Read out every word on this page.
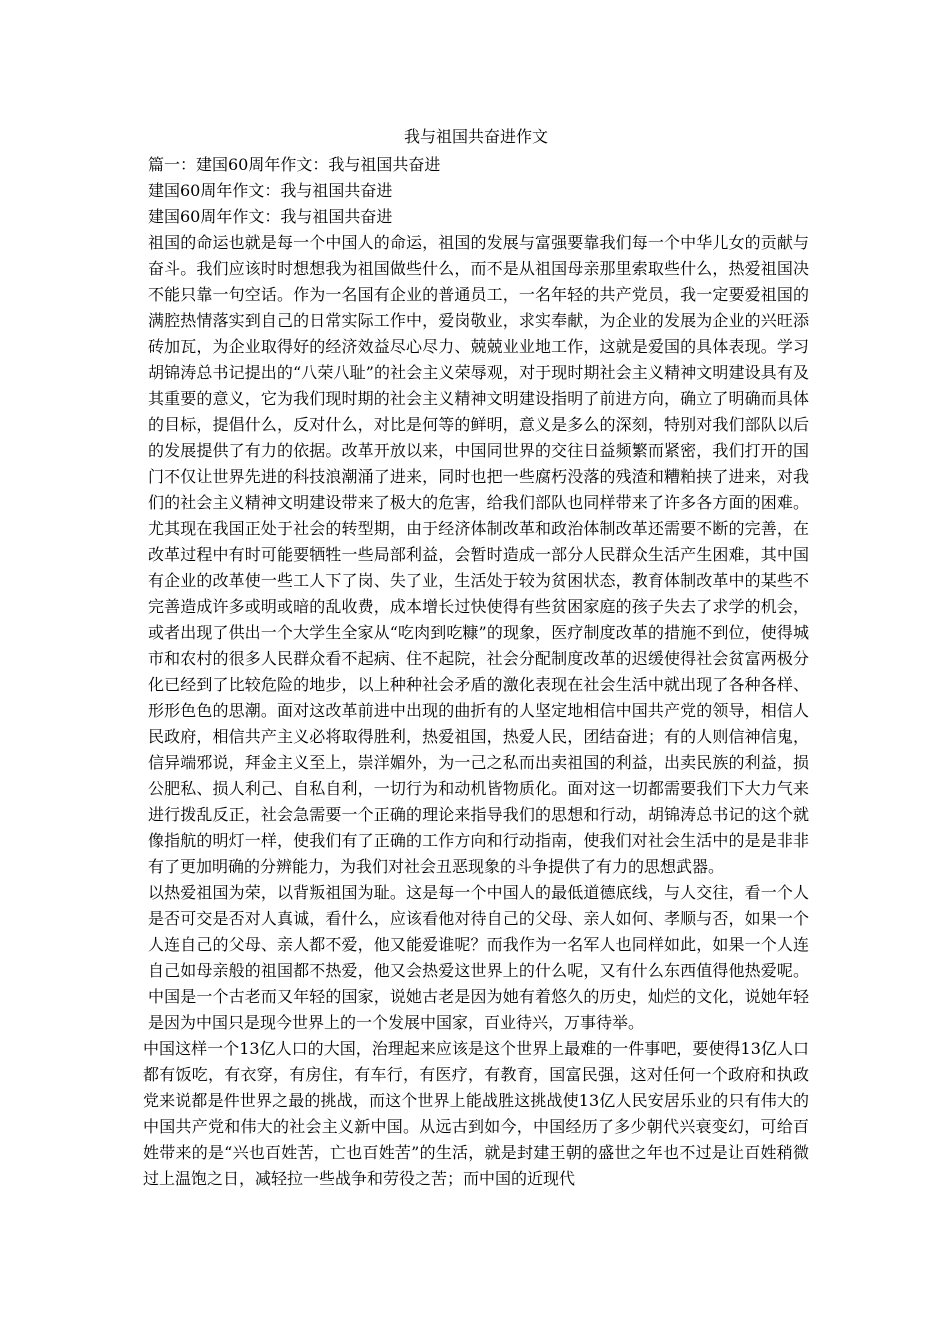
我与祖国共奋进作文

篇一：建国60周年作文：我与祖国共奋进

建国60周年作文：我与祖国共奋进

建国60周年作文：我与祖国共奋进

祖国的命运也就是每一个中国人的命运，祖国的发展与富强要靠我们每一个中华儿女的贡献与奋斗。我们应该时时想想我为祖国做些什么，而不是从祖国母亲那里索取些什么，热爱祖国决不能只靠一句空话。作为一名国有企业的普通员工，一名年轻的共产党员，我一定要爱祖国的满腔热情落实到自己的日常实际工作中，爱岗敬业，求实奉献，为企业的发展为企业的兴旺添砖加瓦，为企业取得好的经济效益尽心尽力、兢兢业业地工作，这就是爱国的具体表现。学习胡锦涛总书记提出的“八荣八耻”的社会主义荣辱观，对于现时期社会主义精神文明建设具有及其重要的意义，它为我们现时期的社会主义精神文明建设指明了前进方向，确立了明确而具体的目标，提倡什么，反对什么，对比是何等的鲜明，意义是多么的深刻，特别对我们部队以后的发展提供了有力的依据。改革开放以来，中国同世界的交往日益频繁而紧密，我们打开的国门不仅让世界先进的科技浪潮涌了进来，同时也把一些腐朽没落的残渣和糟粕挟了进来，对我们的社会主义精神文明建设带来了极大的危害，给我们部队也同样带来了许多各方面的困难。尤其现在我国正处于社会的转型期，由于经济体制改革和政治体制改革还需要不断的完善，在改革过程中有时可能要牺牲一些局部利益，会暂时造成一部分人民群众生活产生困难，其中国有企业的改革使一些工人下了岗、失了业，生活处于较为贫困状态，教育体制改革中的某些不完善造成许多或明或暗的乱收费，成本增长过快使得有些贫困家庭的孩子失去了求学的机会，或者出现了供出一个大学生全家从“吃肉到吃糠”的现象，医疗制度改革的措施不到位，使得城市和农村的很多人民群众看不起病、住不起院，社会分配制度改革的迟缓使得社会贫富两极分化已经到了比较危险的地步，以上种种社会矛盾的激化表现在社会生活中就出现了各种各样、形形色色的思潮。面对这改革前进中出现的曲折有的人坚定地相信中国共产党的领导，相信人民政府，相信共产主义必将取得胜利，热爱祖国，热爱人民，团结奋进；有的人则信神信鬼，信异端邪说，拜金主义至上，崇洋媚外，为一己之私而出卖祖国的利益，出卖民族的利益，损公肥私、损人利己、自私自利，一切行为和动机皆物质化。面对这一切都需要我们下大力气来进行拨乱反正，社会急需要一个正确的理论来指导我们的思想和行动，胡锦涛总书记的这个就像指航的明灯一样，使我们有了正确的工作方向和行动指南，使我们对社会生活中的是是非非有了更加明确的分辨能力，为我们对社会丑恶现象的斗争提供了有力的思想武器。

以热爱祖国为荣，以背叛祖国为耻。这是每一个中国人的最低道德底线，与人交往，看一个人是否可交是否对人真诚，看什么，应该看他对待自己的父母、亲人如何、孝顺与否，如果一个人连自己的父母、亲人都不爱，他又能爱谁呢？而我作为一名军人也同样如此，如果一个人连自己如母亲般的祖国都不热爱，他又会热爱这世界上的什么呢，又有什么东西值得他热爱呢。中国是一个古老而又年轻的国家，说她古老是因为她有着悠久的历史，灿烂的文化，说她年轻是因为中国只是现今世界上的一个发展中国家，百业待兴，万事待举。

中国这样一个13亿人口的大国，治理起来应该是这个世界上最难的一件事吧，要使得13亿人口都有饭吃，有衣穿，有房住，有车行，有医疗，有教育，国富民强，这对任何一个政府和执政党来说都是件世界之最的挑战，而这个世界上能战胜这挑战使13亿人民安居乐业的只有伟大的中国共产党和伟大的社会主义新中国。从远古到如今，中国经历了多少朝代兴衰变幻，可给百姓带来的是“兴也百姓苦，亡也百姓苦”的生活，就是封建王朝的盛世之年也不过是让百姓稍微过上温饱之日，减轻拉一些战争和劳役之苦；而中国的近现代
